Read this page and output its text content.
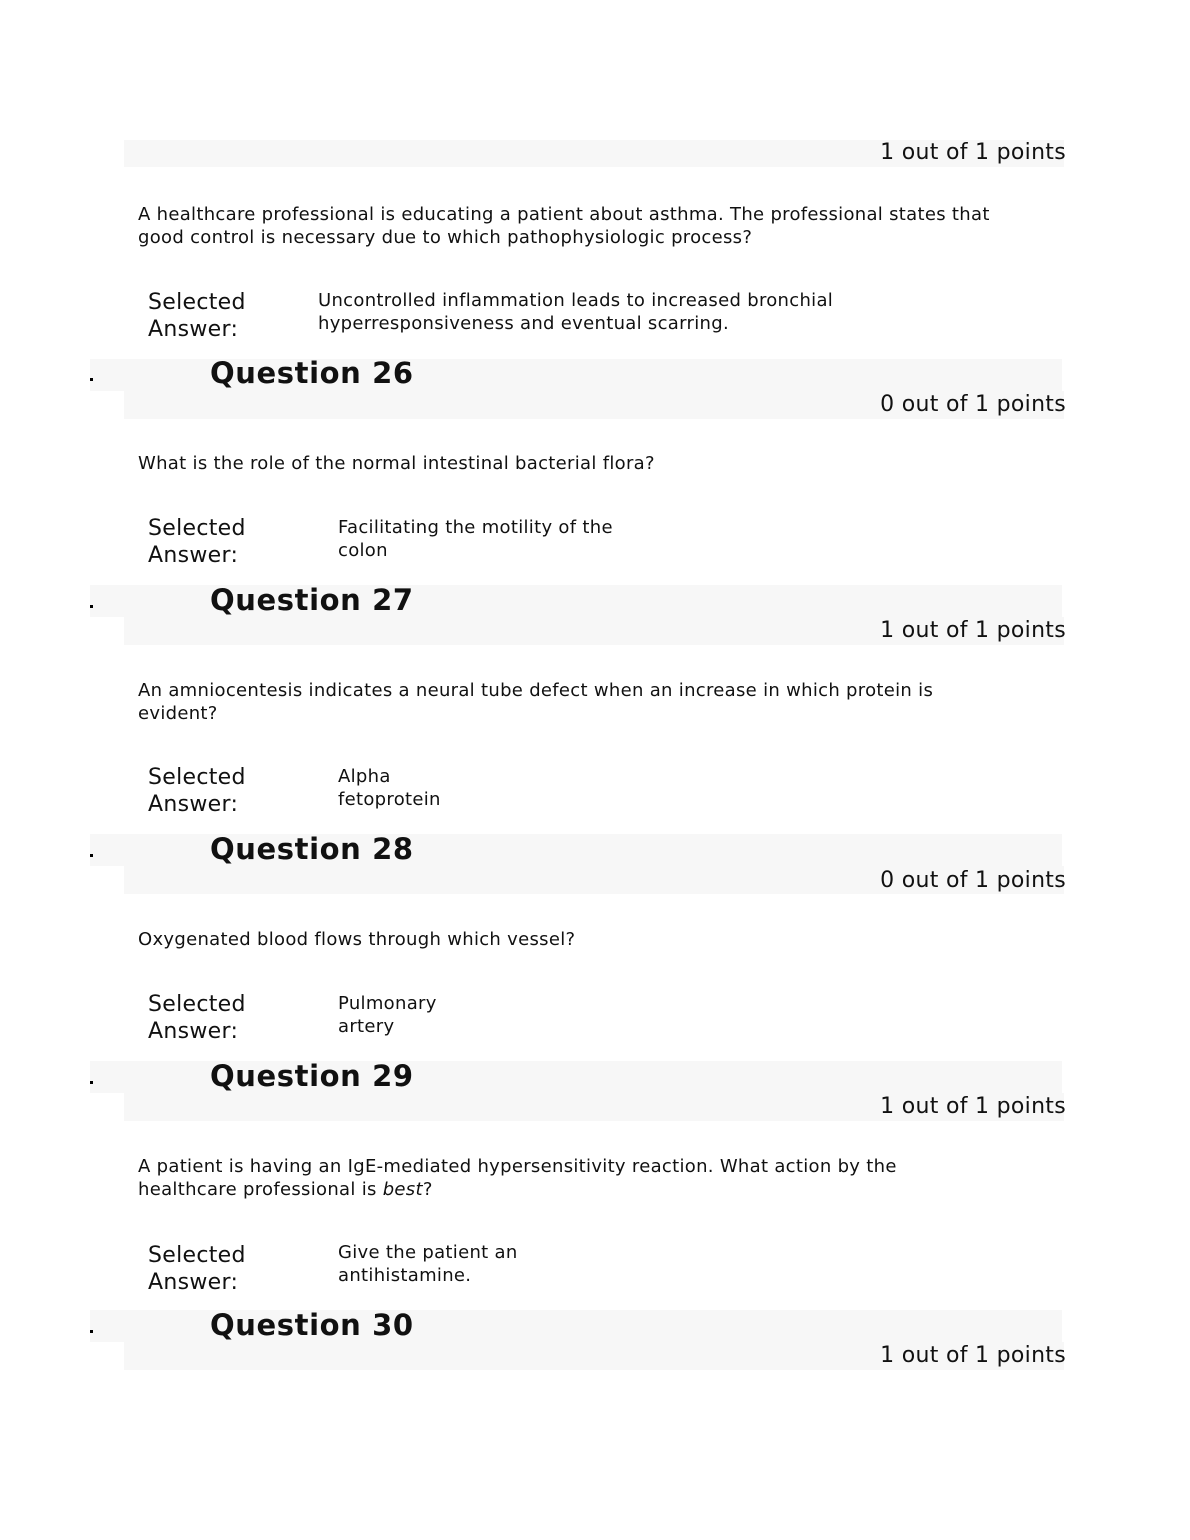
1 out of 1 points
A healthcare professional is educating a patient about asthma. The professional states that good control is necessary due to which pathophysiologic process?
Selected Answer:
Uncontrolled inflammation leads to increased bronchial hyperresponsiveness and eventual scarring.
Question 26
0 out of 1 points
What is the role of the normal intestinal bacterial flora?
Selected Answer:
Facilitating the motility of the colon
Question 27
1 out of 1 points
An amniocentesis indicates a neural tube defect when an increase in which protein is evident?
Selected Answer:
Alpha fetoprotein
Question 28
0 out of 1 points
Oxygenated blood flows through which vessel?
Selected Answer:
Pulmonary artery
Question 29
1 out of 1 points
A patient is having an IgE-mediated hypersensitivity reaction. What action by the healthcare professional is best?
Selected Answer:
Give the patient an antihistamine.
Question 30
1 out of 1 points
